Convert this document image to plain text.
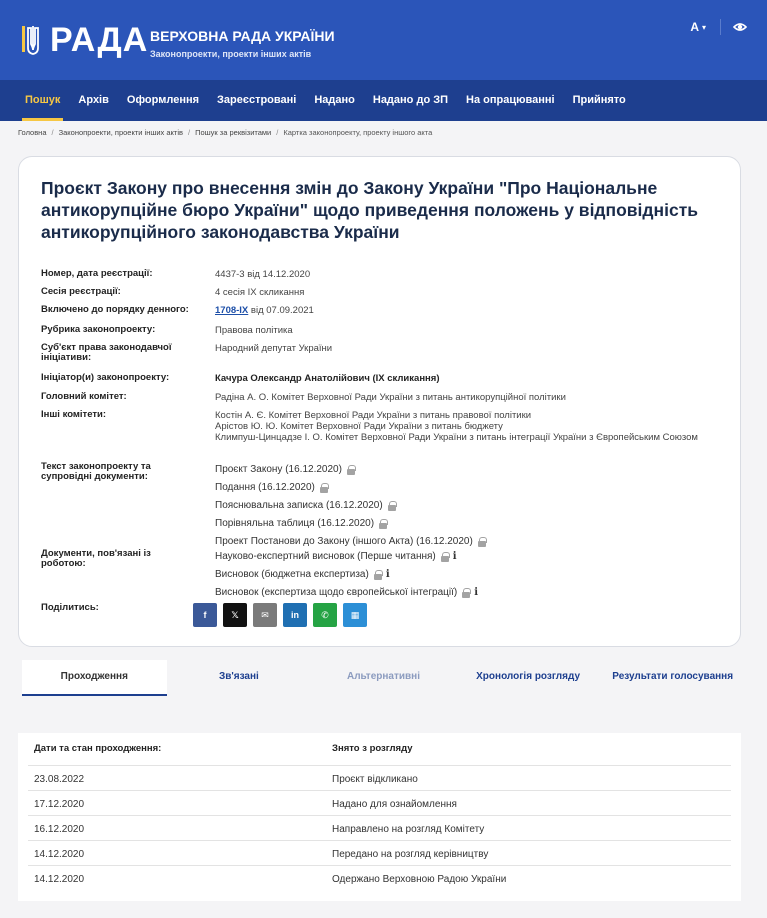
РАДА ВЕРХОВНА РАДА УКРАЇНИ
Законопроекти, проекти інших актів
A ▾
Пошук	Архів	Оформлення	Зареєстровані	Надано	Надано до ЗП	На опрацюванні	Прийнято
Головна / Законопроекти, проекти інших актів / Пошук за реквізитами / Картка законопроекту, проекту іншого акта
Проєкт Закону про внесення змін до Закону України "Про Національне антикорупційне бюро України" щодо приведення положень у відповідність антикорупційного законодавства України
Номер, дата реєстрації:	4437-3 від 14.12.2020
Сесія реєстрації:	4 сесія IX скликання
Включено до порядку денного:	1708-IX від 07.09.2021
Рубрика законопроекту:	Правова політика
Суб'єкт права законодавчої ініціативи:
Народний депутат України
Ініціатор(и) законопроекту:	Качура Олександр Анатолійович (IX скликання)
Головний комітет:	Радіна А. О. Комітет Верховної Ради України з питань антикорупційної політики
Інші комітети:	Костін А. Є. Комітет Верховної Ради України з питань правової політики
Арістов Ю. Ю. Комітет Верховної Ради України з питань бюджету
Климпуш-Цинцадзе І. О. Комітет Верховної Ради України з питань інтеграції України з Європейським Союзом
Текст законопроекту та супровідні документи:
Проєкт Закону (16.12.2020)
Подання (16.12.2020)
Пояснювальна записка (16.12.2020)
Порівняльна таблиця (16.12.2020)
Проект Постанови до Закону (іншого Акта) (16.12.2020)
Документи, пов'язані із роботою:
Науково-експертний висновок (Перше читання) i
Висновок (бюджетна експертиза) i
Висновок (експертиза щодо європейської інтеграції) i
Поділитись:
f	𝕏	✉	in	✆	▦
Проходження	Зв'язані	Альтернативні	Хронологія розгляду	Результати голосування
Дати та стан проходження:	Знято з розгляду
23.08.2022	Проєкт відкликано
17.12.2020	Надано для ознайомлення
16.12.2020	Направлено на розгляд Комітету
14.12.2020	Передано на розгляд керівництву
14.12.2020	Одержано Верховною Радою України
